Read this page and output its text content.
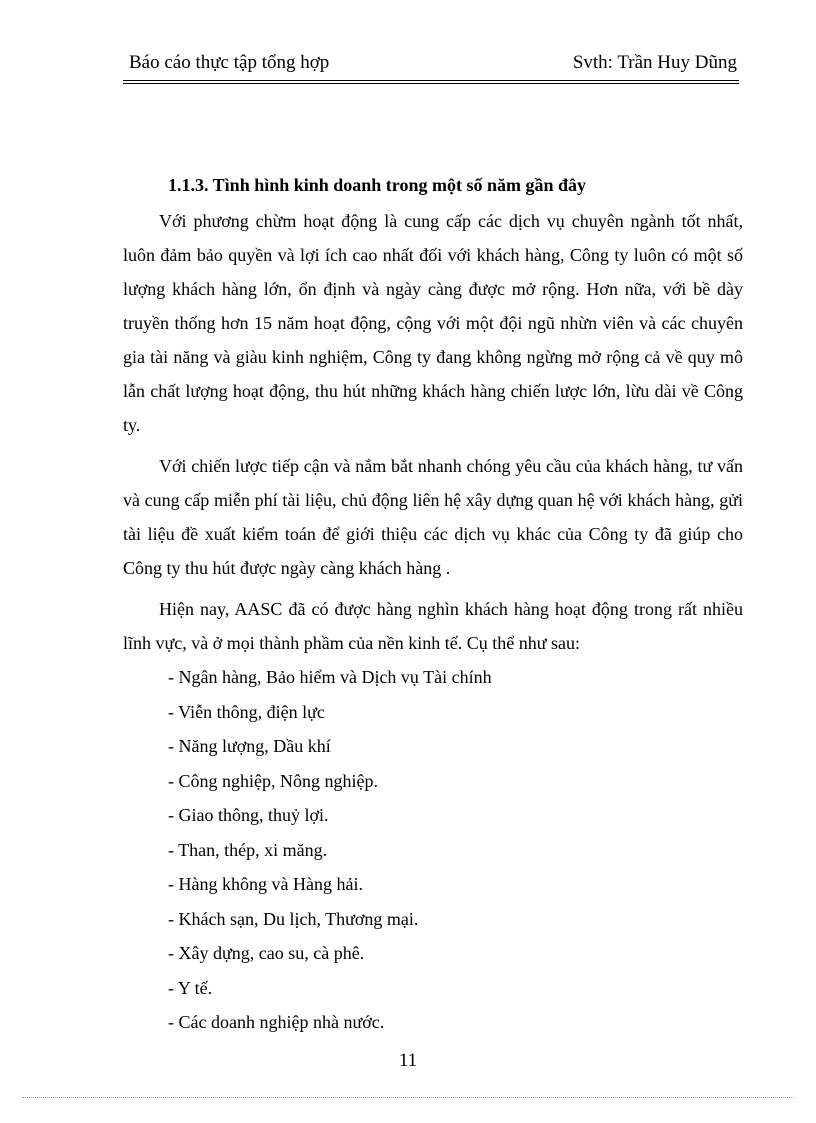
Báo cáo thực tập tổng hợp	Svth: Trần Huy Dũng
1.1.3. Tình hình kinh doanh trong một số năm gần đây

Với phương chừm hoạt động là cung cấp các dịch vụ chuyên ngành tốt nhất, luôn đảm bảo quyền và lợi ích cao nhất đối với khách hàng, Công ty luôn có một số lượng khách hàng lớn, ổn định và ngày càng được mở rộng. Hơn nữa, với bề dày truyền thống hơn 15 năm hoạt động, cộng với một đội ngũ nhừn viên và các chuyên gia tài năng và giàu kinh nghiệm, Công ty đang không ngừng mở rộng cả về quy mô lẫn chất lượng hoạt động, thu hút những khách hàng chiến lược lớn, lừu dài về Công ty.

Với chiến lược tiếp cận và nắm bắt nhanh chóng yêu cầu của khách hàng, tư vấn và cung cấp miễn phí tài liệu, chủ động liên hệ xây dựng quan hệ với khách hàng, gửi tài liệu đề xuất kiểm toán để giới thiệu các dịch vụ khác của Công ty đã giúp cho Công ty thu hút được ngày càng khách hàng .

Hiện nay, AASC đã có được hàng nghìn khách hàng hoạt động trong rất nhiều lĩnh vực, và ở mọi thành phầm của nền kinh tế. Cụ thể như sau:

- Ngân hàng, Bảo hiểm và Dịch vụ Tài chính
- Viễn thông, điện lực
- Năng lượng, Dầu khí
- Công nghiệp, Nông nghiệp.
- Giao thông, thuỷ lợi.
- Than, thép, xi măng.
- Hàng không và Hàng hải.
- Khách sạn, Du lịch, Thương mại.
- Xây dựng, cao su, cà phê.
- Y tế.
- Các doanh nghiệp nhà nước.
11
